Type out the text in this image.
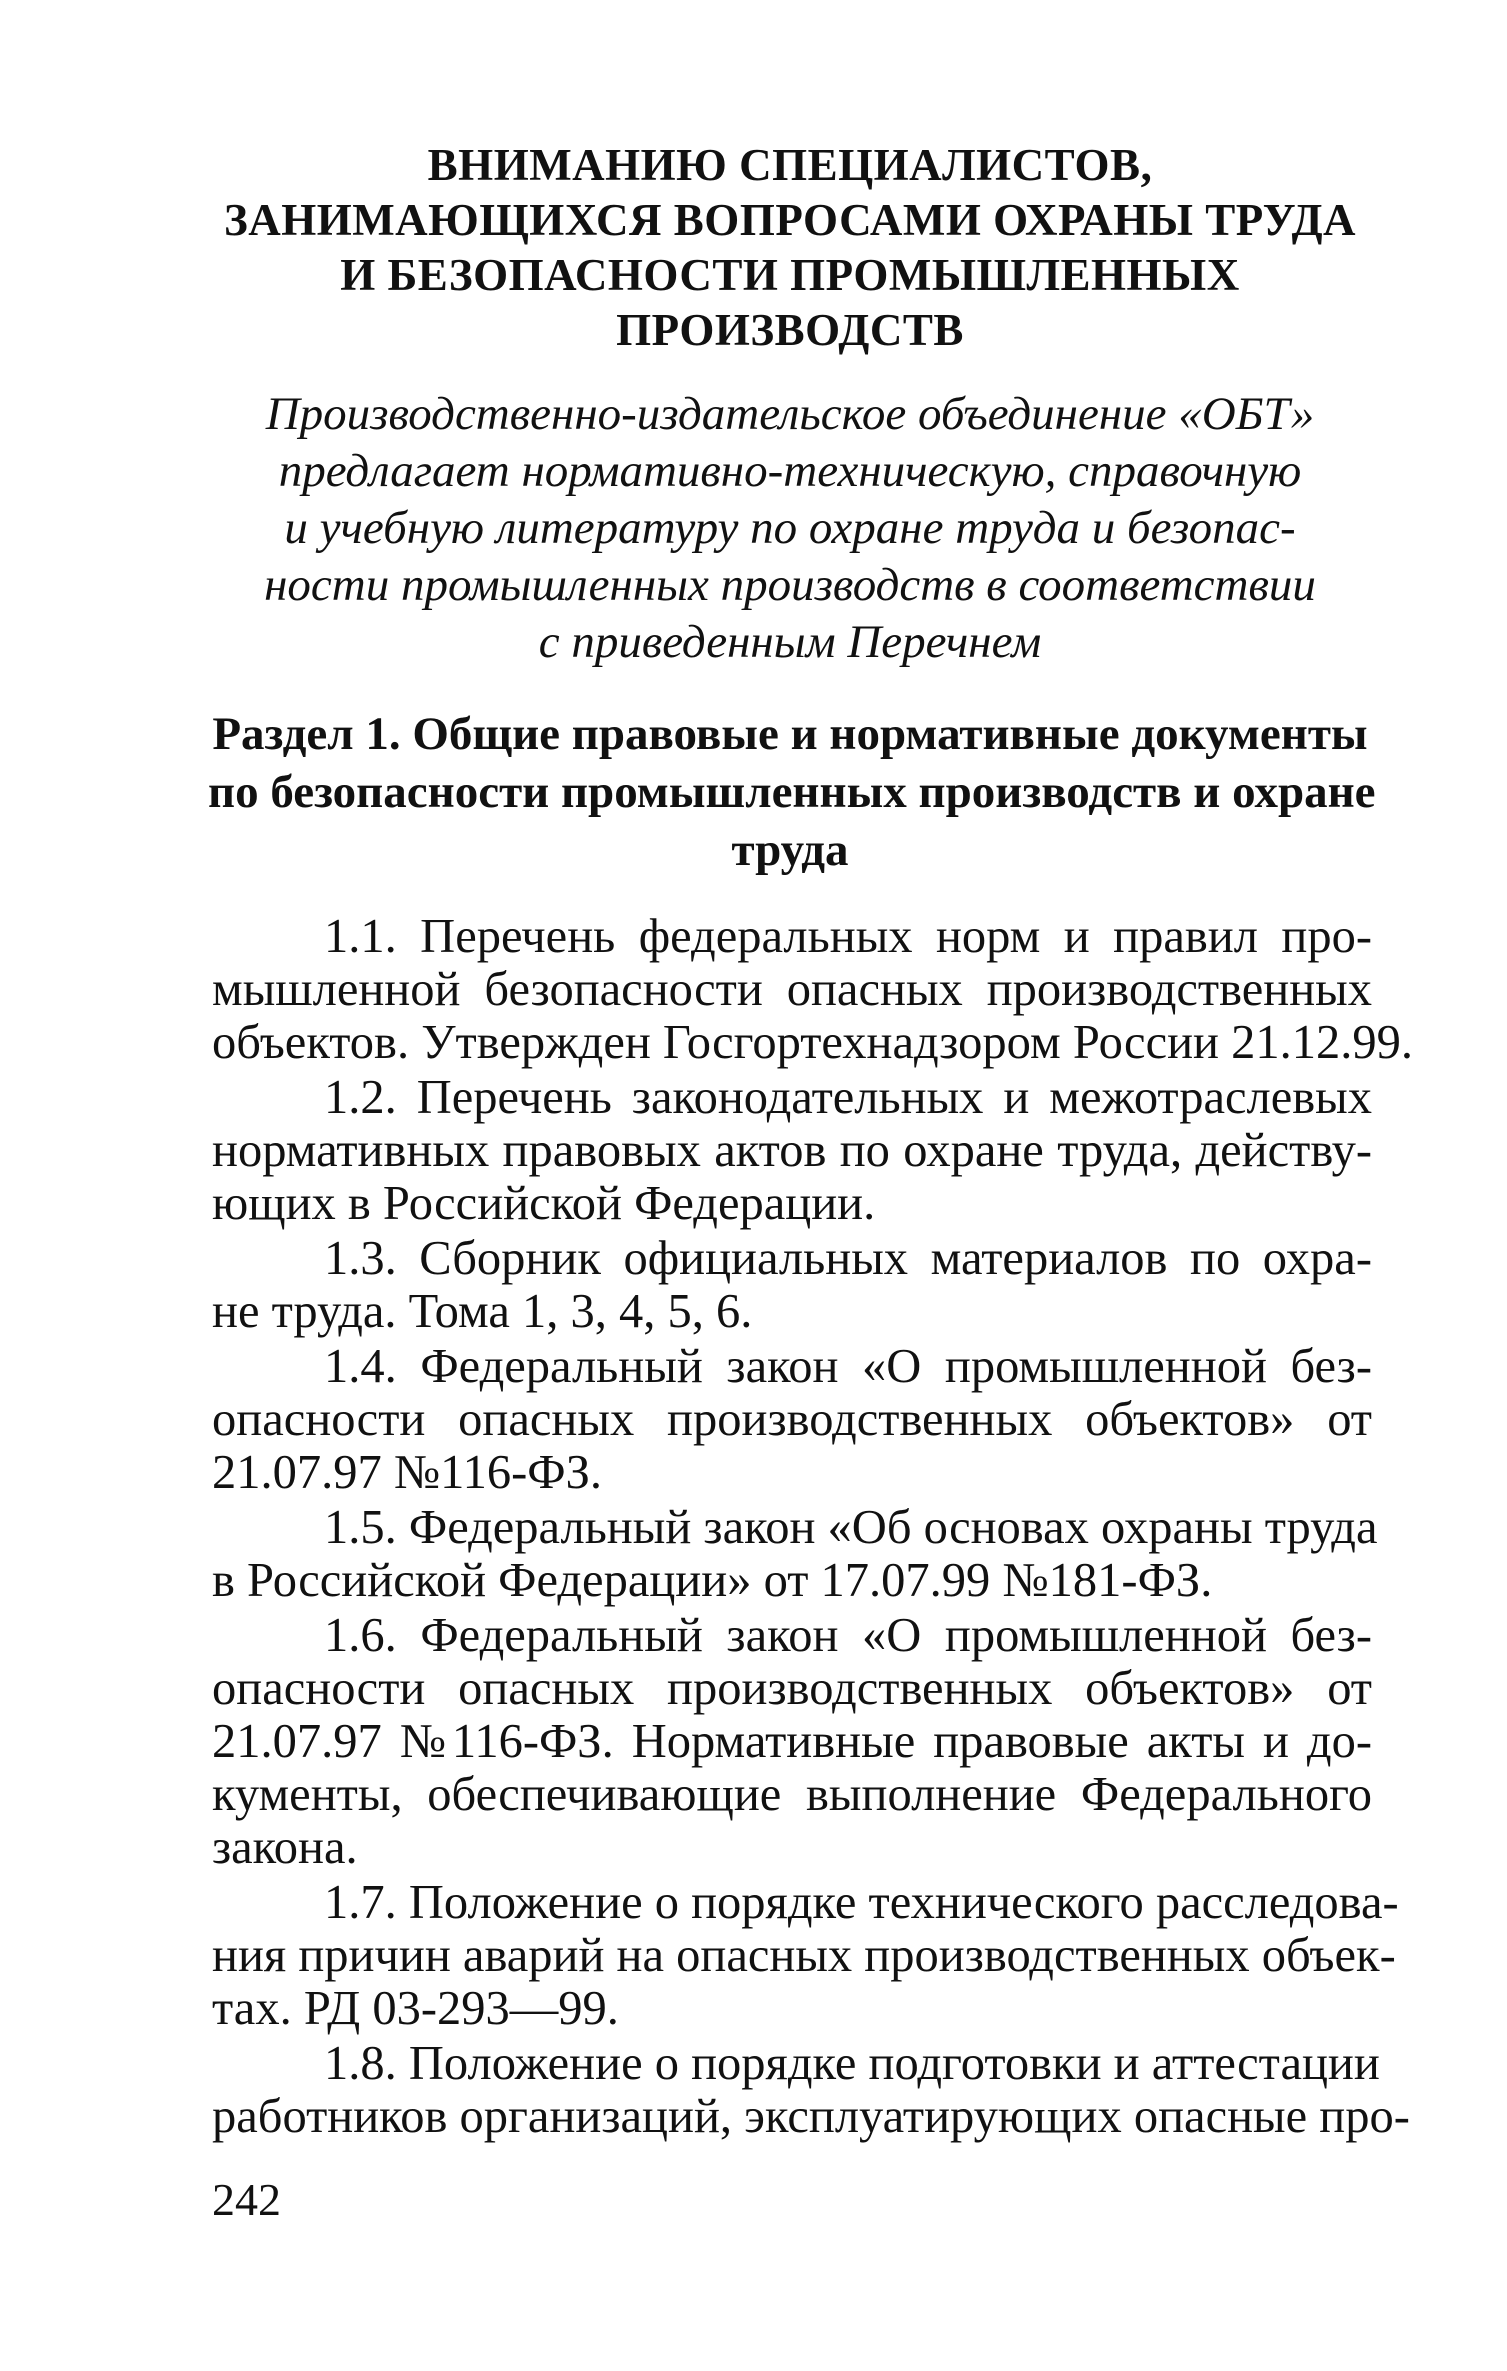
ВНИМАНИЮ СПЕЦИАЛИСТОВ,
ЗАНИМАЮЩИХСЯ ВОПРОСАМИ ОХРАНЫ ТРУДА
И БЕЗОПАСНОСТИ ПРОМЫШЛЕННЫХ
ПРОИЗВОДСТВ
Производственно-издательское объединение «ОБТ»
предлагает нормативно-техническую, справочную
и учебную литературу по охране труда и безопас-
ности промышленных производств в соответствии
с приведенным Перечнем
Раздел 1. Общие правовые и нормативные документы
по безопасности промышленных производств и охране
труда
1.1. Перечень федеральных норм и правил про-
мышленной безопасности опасных производственных
объектов. Утвержден Госгортехнадзором России 21.12.99.
1.2. Перечень законодательных и межотраслевых
нормативных правовых актов по охране труда, действу-
ющих в Российской Федерации.
1.3. Сборник официальных материалов по охра-
не труда. Тома 1, 3, 4, 5, 6.
1.4. Федеральный закон «О промышленной без-
опасности опасных производственных объектов» от
21.07.97 №116-ФЗ.
1.5. Федеральный закон «Об основах охраны труда
в Российской Федерации» от 17.07.99 №181-ФЗ.
1.6. Федеральный закон «О промышленной без-
опасности опасных производственных объектов» от
21.07.97 №116-ФЗ. Нормативные правовые акты и до-
кументы, обеспечивающие выполнение Федерального
закона.
1.7. Положение о порядке технического расследова-
ния причин аварий на опасных производственных объек-
тах. РД 03-293—99.
1.8. Положение о порядке подготовки и аттестации
работников организаций, эксплуатирующих опасные про-
242
